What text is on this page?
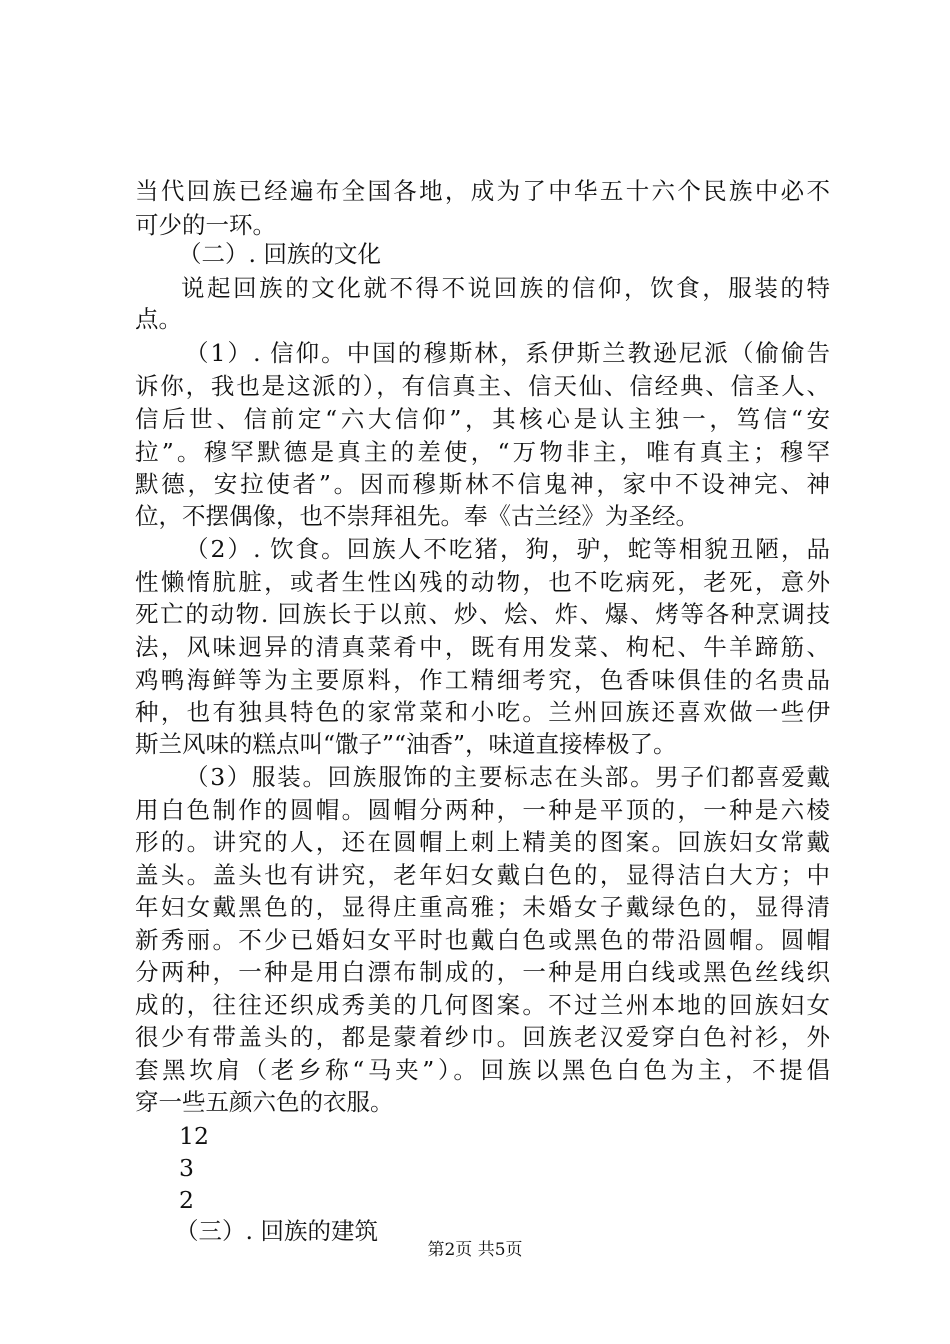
当代回族已经遍布全国各地，成为了中华五十六个民族中必不
可少的一环。
（二）. 回族的文化
说起回族的文化就不得不说回族的信仰，饮食，服装的特
点。
（1）. 信仰。中国的穆斯林，系伊斯兰教逊尼派（偷偷告
诉你，我也是这派的），有信真主、信天仙、信经典、信圣人、
信后世、信前定“六大信仰”，其核心是认主独一，笃信“安
拉”。穆罕默德是真主的差使，“万物非主，唯有真主；穆罕
默德，安拉使者”。因而穆斯林不信鬼神，家中不设神完、神
位，不摆偶像，也不崇拜祖先。奉《古兰经》为圣经。
（2）. 饮食。回族人不吃猪，狗，驴，蛇等相貌丑陋，品
性懒惰肮脏，或者生性凶残的动物，也不吃病死，老死，意外
死亡的动物. 回族长于以煎、炒、烩、炸、爆、烤等各种烹调技
法，风味迥异的清真菜肴中，既有用发菜、枸杞、牛羊蹄筋、
鸡鸭海鲜等为主要原料，作工精细考究，色香味俱佳的名贵品
种，也有独具特色的家常菜和小吃。兰州回族还喜欢做一些伊
斯兰风味的糕点叫“馓子”“油香”，味道直接棒极了。
（3）服装。回族服饰的主要标志在头部。男子们都喜爱戴
用白色制作的圆帽。圆帽分两种，一种是平顶的，一种是六棱
形的。讲究的人，还在圆帽上刺上精美的图案。回族妇女常戴
盖头。盖头也有讲究，老年妇女戴白色的，显得洁白大方；中
年妇女戴黑色的，显得庄重高雅；未婚女子戴绿色的，显得清
新秀丽。不少已婚妇女平时也戴白色或黑色的带沿圆帽。圆帽
分两种，一种是用白漂布制成的，一种是用白线或黑色丝线织
成的，往往还织成秀美的几何图案。不过兰州本地的回族妇女
很少有带盖头的，都是蒙着纱巾。回族老汉爱穿白色衬衫，外
套黑坎肩（老乡称“马夹”）。回族以黑色白色为主，不提倡
穿一些五颜六色的衣服。
12
3
2
（三）. 回族的建筑
第2页 共5页
